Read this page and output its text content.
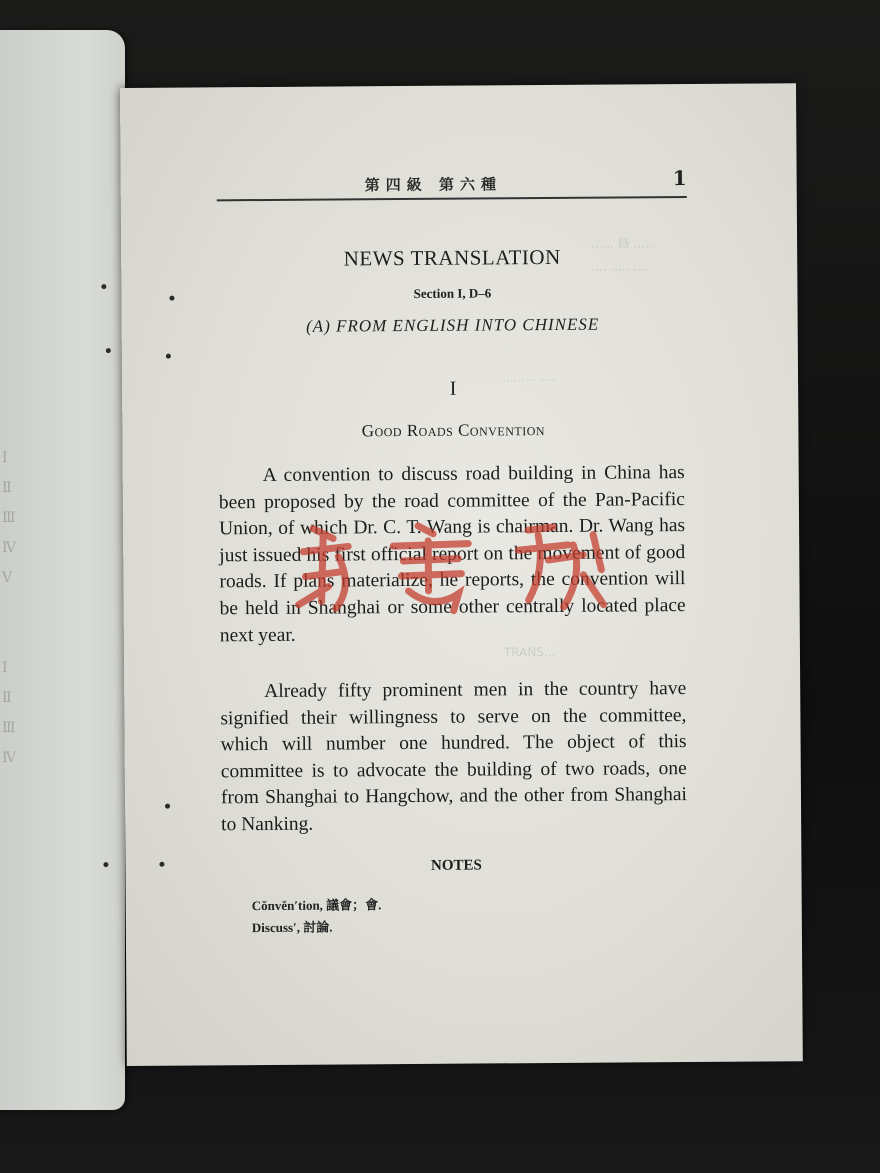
Ⅰ
Ⅱ
Ⅲ
Ⅳ
Ⅴ
Ⅰ
Ⅱ
Ⅲ
Ⅳ
...... 路 ......
.... ..... ....
......... ....
TRANS...
第四級 第六種	1
NEWS TRANSLATION
Section I, D–6
(A) FROM ENGLISH INTO CHINESE
I
Good Roads Convention

A convention to discuss road building in China has been proposed by the road committee of the Pan-Pacific Union, of which Dr. C. T. Wang is chairman. Dr. Wang has just issued his first official report on the movement of good roads. If plans materialize, he reports, the convention will be held in Shanghai or some other centrally located place next year.

Already fifty prominent men in the country have signified their willingness to serve on the committee, which will number one hundred. The object of this committee is to advocate the building of two roads, one from Shanghai to Hangchow, and the other from Shanghai to Nanking.

NOTES
Cŏnvĕn′tion, 議會；會.
Discuss′, 討論.
